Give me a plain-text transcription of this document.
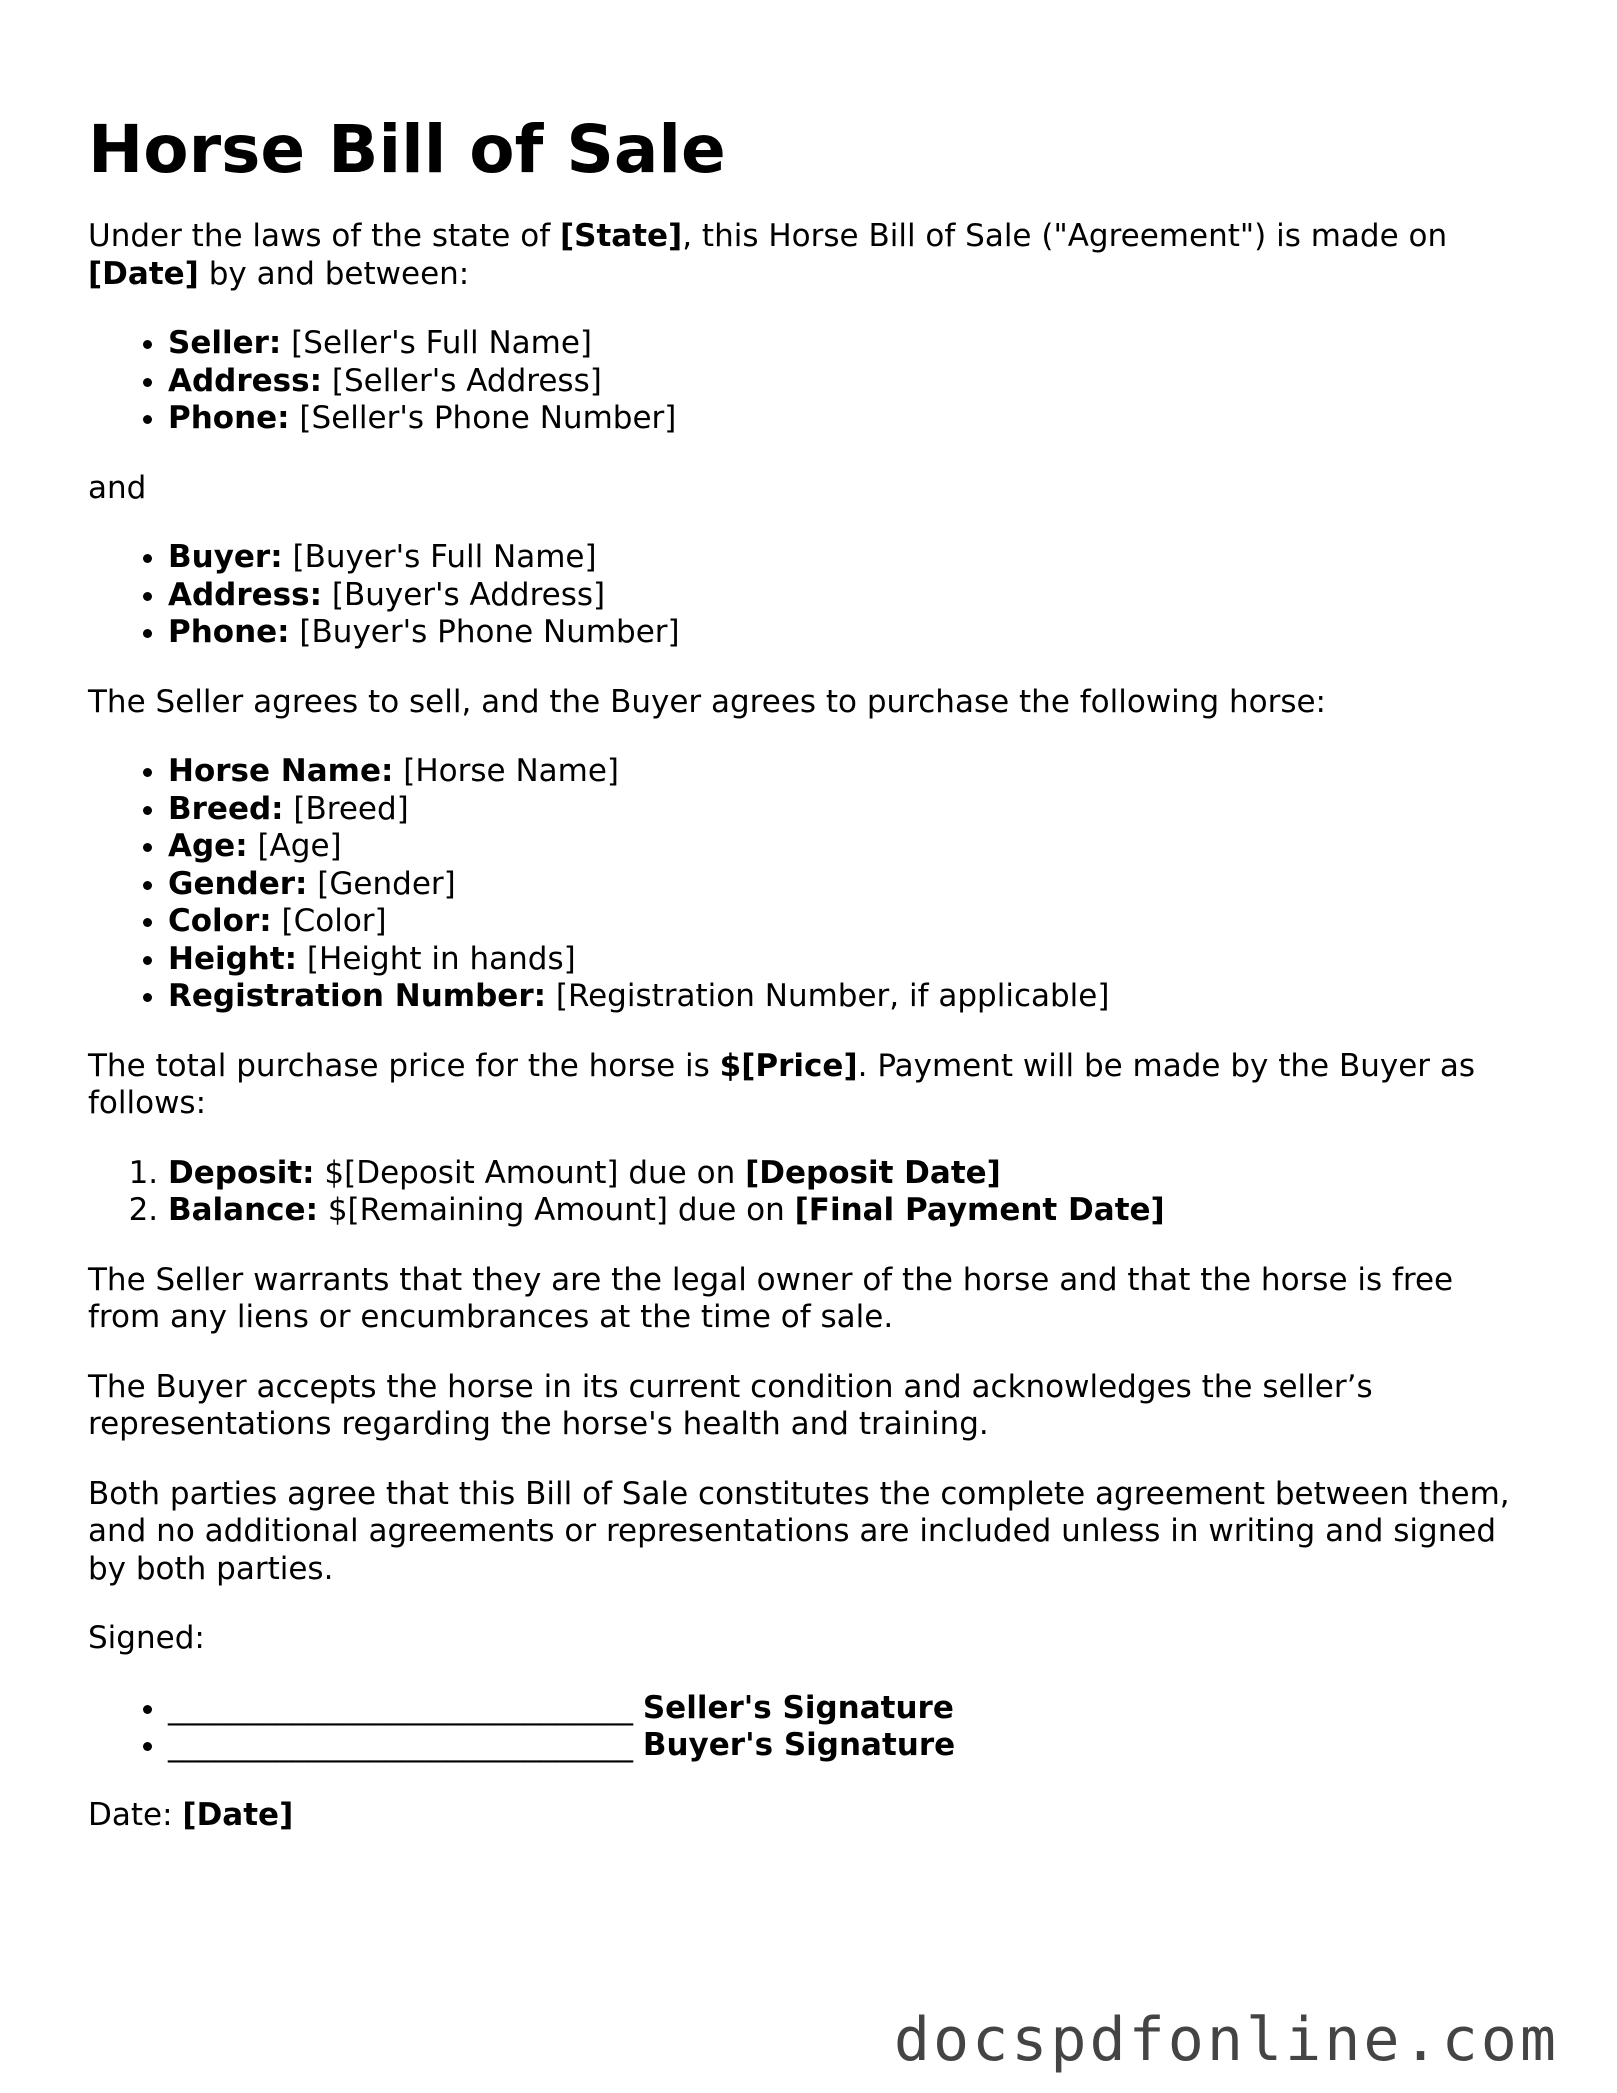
Horse Bill of Sale

Under the laws of the state of [State], this Horse Bill of Sale ("Agreement") is made on [Date] by and between:

• Seller: [Seller's Full Name]
• Address: [Seller's Address]
• Phone: [Seller's Phone Number]

and

• Buyer: [Buyer's Full Name]
• Address: [Buyer's Address]
• Phone: [Buyer's Phone Number]

The Seller agrees to sell, and the Buyer agrees to purchase the following horse:

• Horse Name: [Horse Name]
• Breed: [Breed]
• Age: [Age]
• Gender: [Gender]
• Color: [Color]
• Height: [Height in hands]
• Registration Number: [Registration Number, if applicable]

The total purchase price for the horse is $[Price]. Payment will be made by the Buyer as follows:

1. Deposit: $[Deposit Amount] due on [Deposit Date]
2. Balance: $[Remaining Amount] due on [Final Payment Date]

The Seller warrants that they are the legal owner of the horse and that the horse is free from any liens or encumbrances at the time of sale.

The Buyer accepts the horse in its current condition and acknowledges the seller’s representations regarding the horse's health and training.

Both parties agree that this Bill of Sale constitutes the complete agreement between them, and no additional agreements or representations are included unless in writing and signed by both parties.

Signed:

• ______________________________ Seller's Signature
• ______________________________ Buyer's Signature

Date: [Date]

docspdfonline.com
